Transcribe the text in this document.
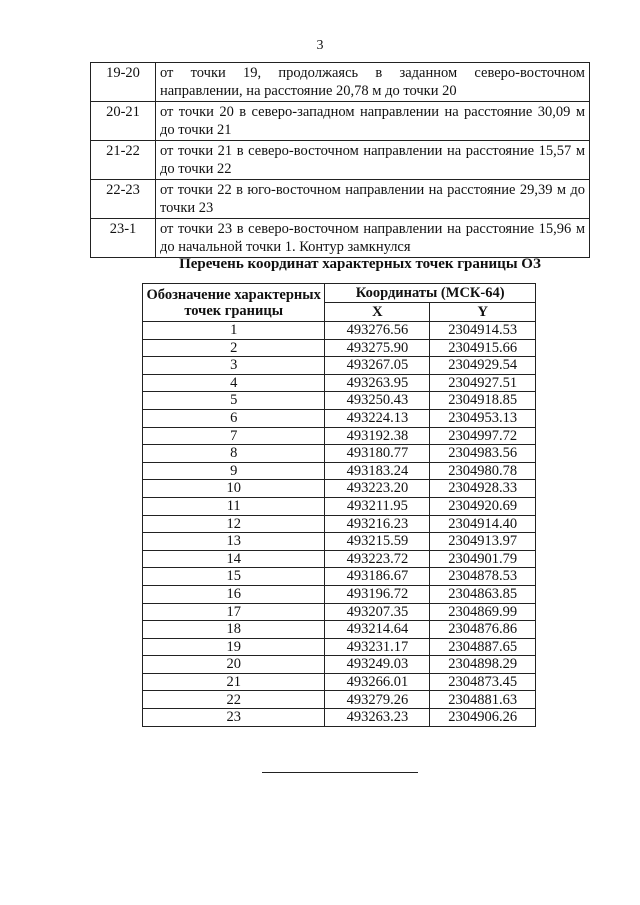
3
19-20	от точки 19, продолжаясь в заданном северо-восточном направлении, на расстояние 20,78 м до точки 20
20-21	от точки 20 в северо-западном направлении на расстояние 30,09 м до точки 21
21-22	от точки 21 в северо-восточном направлении на расстояние 15,57 м до точки 22
22-23	от точки 22 в юго-восточном направлении на расстояние 29,39 м до точки 23
23-1	от точки 23 в северо-восточном направлении на расстояние 15,96 м до начальной точки 1. Контур замкнулся
Перечень координат характерных точек границы ОЗ
Обозначение характерных точек границы	Координаты (МСК-64)	
	X	Y
1	493276.56	2304914.53
2	493275.90	2304915.66
3	493267.05	2304929.54
4	493263.95	2304927.51
5	493250.43	2304918.85
6	493224.13	2304953.13
7	493192.38	2304997.72
8	493180.77	2304983.56
9	493183.24	2304980.78
10	493223.20	2304928.33
11	493211.95	2304920.69
12	493216.23	2304914.40
13	493215.59	2304913.97
14	493223.72	2304901.79
15	493186.67	2304878.53
16	493196.72	2304863.85
17	493207.35	2304869.99
18	493214.64	2304876.86
19	493231.17	2304887.65
20	493249.03	2304898.29
21	493266.01	2304873.45
22	493279.26	2304881.63
23	493263.23	2304906.26
